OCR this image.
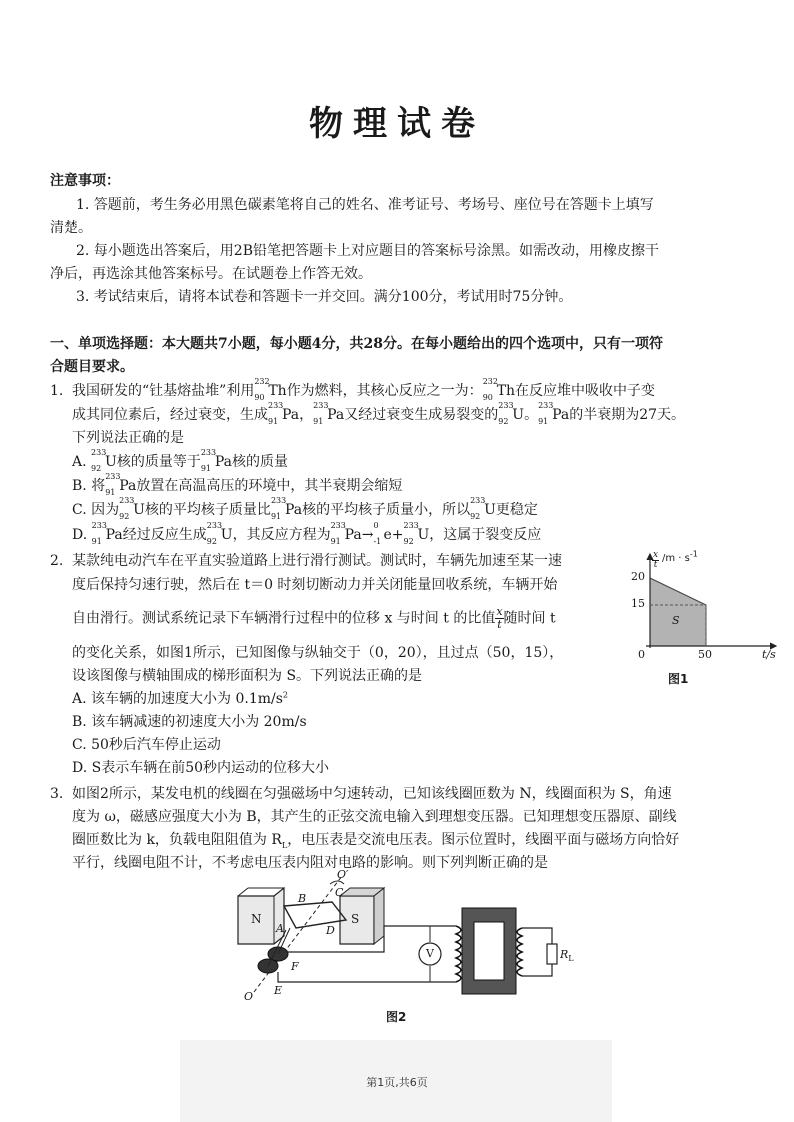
物理试卷
注意事项：
1. 答题前，考生务必用黑色碳素笔将自己的姓名、准考证号、考场号、座位号在答题卡上填写
清楚。
2. 每小题选出答案后，用2B铅笔把答题卡上对应题目的答案标号涂黑。如需改动，用橡皮擦干
净后，再选涂其他答案标号。在试题卷上作答无效。
3. 考试结束后，请将本试卷和答题卡一并交回。满分100分，考试用时75分钟。
一、单项选择题：本大题共7小题，每小题4分，共28分。在每小题给出的四个选项中，只有一项符
合题目要求。
1. 我国研发的“钍基熔盐堆”利用
232
90 Th作为燃料，其核心反应之一为：
232
90 Th在反应堆中吸收中子变
成其同位素后，经过衰变，生成
233
91 Pa，
233
91 Pa又经过衰变生成易裂变的
233
92 U。
233
91 Pa的半衰期为27天。
下列说法正确的是
A.
233
92 U核的质量等于
233
91 Pa核的质量
B. 将
233
91 Pa放置在高温高压的环境中，其半衰期会缩短
C. 因为
233
92 U核的平均核子质量比
233
91 Pa核的平均核子质量小，所以
233
92 U更稳定
D.
233
91 Pa经过反应生成
233
92 U，其反应方程为
233
91 Pa→
0
-1 e+
233
92 U，这属于裂变反应
2. 某款纯电动汽车在平直实验道路上进行滑行测试。测试时，车辆先加速至某一速
度后保持匀速行驶，然后在 t＝0 时刻切断动力并关闭能量回收系统，车辆开始
自由滑行。测试系统记录下车辆滑行过程中的位移 x 与时间 t 的比值 $\frac{x}{t}$ 随时间 t
的变化关系，如图1所示，已知图像与纵轴交于（0，20），且过点（50，15），
设该图像与横轴围成的梯形面积为 S。下列说法正确的是
A. 该车辆的加速度大小为 $0.1m/s^2$
B. 该车辆减速的初速度大小为 20m/s
C. 50秒后汽车停止运动
D. S表示车辆在前50秒内运动的位移大小
$\frac{x}{t} /m \cdot s^{-1}$
20
15
0	50	t/s
S
图1
3. 如图2所示，某发电机的线圈在匀强磁场中匀速转动，已知该线圈匝数为 N，线圈面积为 S，角速
度为 ω，磁感应强度大小为 B，其产生的正弦交流电输入到理想变压器。已知理想变压器原、副线
圈匝数比为 k，负载电阻阻值为 $R_L$，电压表是交流电压表。图示位置时，线圈平面与磁场方向恰好
平行，线圈电阻不计，不考虑电压表内阻对电路的影响。则下列判断正确的是
N	S
B	C
A	D
F
E
O
O′
V	$R_L$
图2
第1页,共6页
